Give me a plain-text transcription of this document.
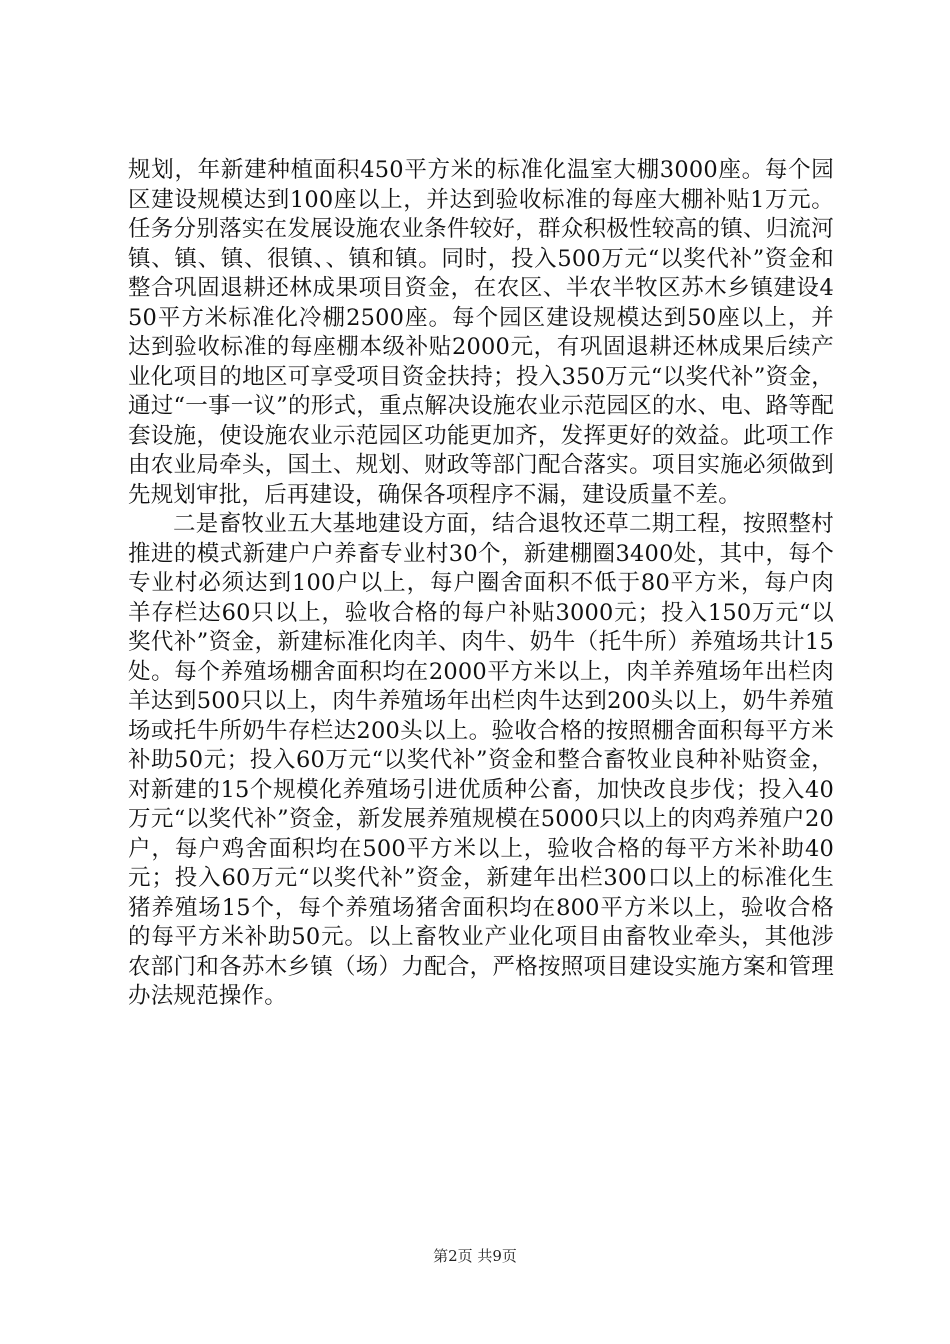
规划，年新建种植面积450平方米的标准化温室大棚3000座。每个园区建设规模达到100座以上，并达到验收标准的每座大棚补贴1万元。任务分别落实在发展设施农业条件较好，群众积极性较高的镇、归流河镇、镇、镇、很镇、、镇和镇。同时，投入500万元“以奖代补”资金和整合巩固退耕还林成果项目资金，在农区、半农半牧区苏木乡镇建设450平方米标准化冷棚2500座。每个园区建设规模达到50座以上，并达到验收标准的每座棚本级补贴2000元，有巩固退耕还林成果后续产业化项目的地区可享受项目资金扶持；投入350万元“以奖代补”资金，通过“一事一议”的形式，重点解决设施农业示范园区的水、电、路等配套设施，使设施农业示范园区功能更加齐，发挥更好的效益。此项工作由农业局牵头，国土、规划、财政等部门配合落实。项目实施必须做到先规划审批，后再建设，确保各项程序不漏，建设质量不差。

二是畜牧业五大基地建设方面，结合退牧还草二期工程，按照整村推进的模式新建户户养畜专业村30个，新建棚圈3400处，其中，每个专业村必须达到100户以上，每户圈舍面积不低于80平方米，每户肉羊存栏达60只以上，验收合格的每户补贴3000元；投入150万元“以奖代补”资金，新建标准化肉羊、肉牛、奶牛（托牛所）养殖场共计15处。每个养殖场棚舍面积均在2000平方米以上，肉羊养殖场年出栏肉羊达到500只以上，肉牛养殖场年出栏肉牛达到200头以上，奶牛养殖场或托牛所奶牛存栏达200头以上。验收合格的按照棚舍面积每平方米补助50元；投入60万元“以奖代补”资金和整合畜牧业良种补贴资金，对新建的15个规模化养殖场引进优质种公畜，加快改良步伐；投入40万元“以奖代补”资金，新发展养殖规模在5000只以上的肉鸡养殖户20户，每户鸡舍面积均在500平方米以上，验收合格的每平方米补助40元；投入60万元“以奖代补”资金，新建年出栏300口以上的标准化生猪养殖场15个，每个养殖场猪舍面积均在800平方米以上，验收合格的每平方米补助50元。以上畜牧业产业化项目由畜牧业牵头，其他涉农部门和各苏木乡镇（场）力配合，严格按照项目建设实施方案和管理办法规范操作。

第2页 共9页
